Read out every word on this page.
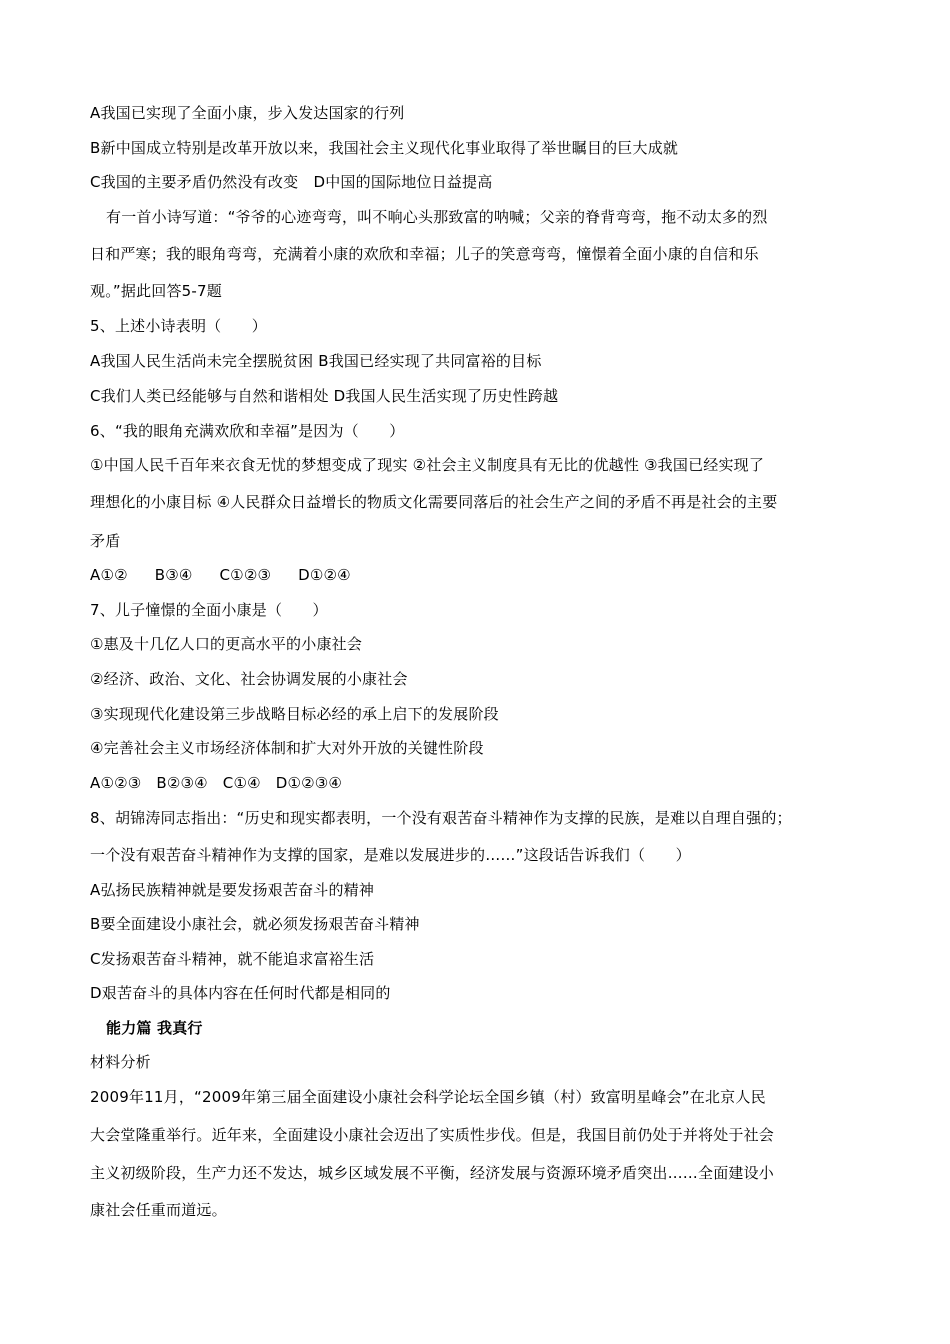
A我国已实现了全面小康，步入发达国家的行列
B新中国成立特别是改革开放以来，我国社会主义现代化事业取得了举世瞩目的巨大成就
C我国的主要矛盾仍然没有改变　D中国的国际地位日益提高
有一首小诗写道：“爷爷的心迹弯弯，叫不响心头那致富的呐喊；父亲的脊背弯弯，拖不动太多的烈
日和严寒；我的眼角弯弯，充满着小康的欢欣和幸福；儿子的笑意弯弯，憧憬着全面小康的自信和乐
观。”据此回答5-7题
5、上述小诗表明（　　）
A我国人民生活尚未完全摆脱贫困 B我国已经实现了共同富裕的目标
C我们人类已经能够与自然和谐相处 D我国人民生活实现了历史性跨越
6、“我的眼角充满欢欣和幸福”是因为（　　）
①中国人民千百年来衣食无忧的梦想变成了现实 ②社会主义制度具有无比的优越性 ③我国已经实现了
理想化的小康目标 ④人民群众日益增长的物质文化需要同落后的社会生产之间的矛盾不再是社会的主要
矛盾
A①② B③④ C①②③ D①②④
7、儿子憧憬的全面小康是（　　）
①惠及十几亿人口的更高水平的小康社会
②经济、政治、文化、社会协调发展的小康社会
③实现现代化建设第三步战略目标必经的承上启下的发展阶段
④完善社会主义市场经济体制和扩大对外开放的关键性阶段
A①②③ B②③④ C①④ D①②③④
8、胡锦涛同志指出：“历史和现实都表明，一个没有艰苦奋斗精神作为支撑的民族，是难以自理自强的；
一个没有艰苦奋斗精神作为支撑的国家，是难以发展进步的……”这段话告诉我们（　　）
A弘扬民族精神就是要发扬艰苦奋斗的精神
B要全面建设小康社会，就必须发扬艰苦奋斗精神
C发扬艰苦奋斗精神，就不能追求富裕生活
D艰苦奋斗的具体内容在任何时代都是相同的
能力篇 我真行
材料分析
2009年11月，“2009年第三届全面建设小康社会科学论坛全国乡镇（村）致富明星峰会”在北京人民
大会堂隆重举行。近年来，全面建设小康社会迈出了实质性步伐。但是，我国目前仍处于并将处于社会
主义初级阶段，生产力还不发达，城乡区域发展不平衡，经济发展与资源环境矛盾突出……全面建设小
康社会任重而道远。
